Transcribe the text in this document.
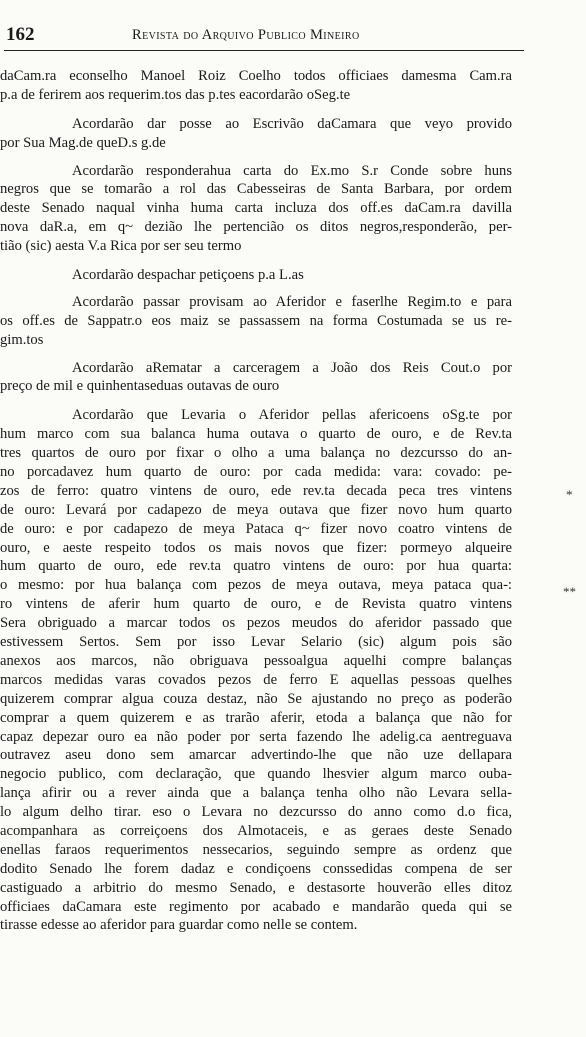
162	Revista do Arquivo Publico Mineiro
daCam.ra econselho Manoel Roiz Coelho todos officiaes damesma Cam.ra
p.a de ferirem aos requerim.tos das p.tes eacordarão oSeg.te
Acordarão dar posse ao Escrivão daCamara que veyo provido
por Sua Mag.de queD.s g.de
Acordarão responderahua carta do Ex.mo S.r Conde sobre huns
negros que se tomarão a rol das Cabesseiras de Santa Barbara, por ordem
deste Senado naqual vinha huma carta incluza dos off.es daCam.ra davilla
nova daR.a, em q~ dezião lhe pertencião os ditos negros,responderão, per-
tião (sic) aesta V.a Rica por ser seu termo
Acordarão despachar petiçoens p.a L.as
Acordarão passar provisam ao Aferidor e faserlhe Regim.to e para
os off.es de Sappatr.o eos maiz se passassem na forma Costumada se us re-
gim.tos
Acordarão aRematar a carceragem a João dos Reis Cout.o por
preço de mil e quinhentaseduas outavas de ouro
Acordarão que Levaria o Aferidor pellas afericoens oSg.te por
hum marco com sua balanca huma outava o quarto de ouro, e de Rev.ta
tres quartos de ouro por fixar o olho a uma balança no dezcursso do an-
no porcadavez hum quarto de ouro: por cada medida: vara: covado: pe-
zos de ferro: quatro vintens de ouro, ede rev.ta decada peca tres vintens
de ouro: Levará por cadapezo de meya outava que fizer novo hum quarto
de ouro: e por cadapezo de meya Pataca q~ fizer novo coatro vintens de
ouro, e aeste respeito todos os mais novos que fizer: pormeyo alqueire
hum quarto de ouro, ede rev.ta quatro vintens de ouro: por hua quarta:
o mesmo: por hua balança com pezos de meya outava, meya pataca qua-:
ro vintens de aferir hum quarto de ouro, e de Revista quatro vintens
Sera obriguado a marcar todos os pezos meudos do aferidor passado que
estivessem Sertos. Sem por isso Levar Selario (sic) algum pois são
anexos aos marcos, não obriguava pessoalgua aquelhi compre balanças
marcos medidas varas covados pezos de ferro E aquellas pessoas quelhes
quizerem comprar algua couza destaz, não Se ajustando no preço as poderão
comprar a quem quizerem e as trarão aferir, etoda a balança que não for
capaz depezar ouro ea não poder por serta fazendo lhe adelig.ca aentreguava
outravez aseu dono sem amarcar advertindo-lhe que não uze dellapara
negocio publico, com declaração, que quando lhesvier algum marco ouba-
lança afirir ou a rever ainda que a balança tenha olho não Levara sella-
lo algum delho tirar. eso o Levara no dezcursso do anno como d.o fica,
acompanhara as correiçoens dos Almotaceis, e as geraes deste Senado
enellas faraos requerimentos nessecarios, seguindo sempre as ordenz que
dodito Senado lhe forem dadaz e condiçoens conssedidas compena de ser
castiguado a arbitrio do mesmo Senado, e destasorte houverão elles ditoz
officiaes daCamara este regimento por acabado e mandarão queda qui se
tirasse edesse ao aferidor para guardar como nelle se contem.
*
**
